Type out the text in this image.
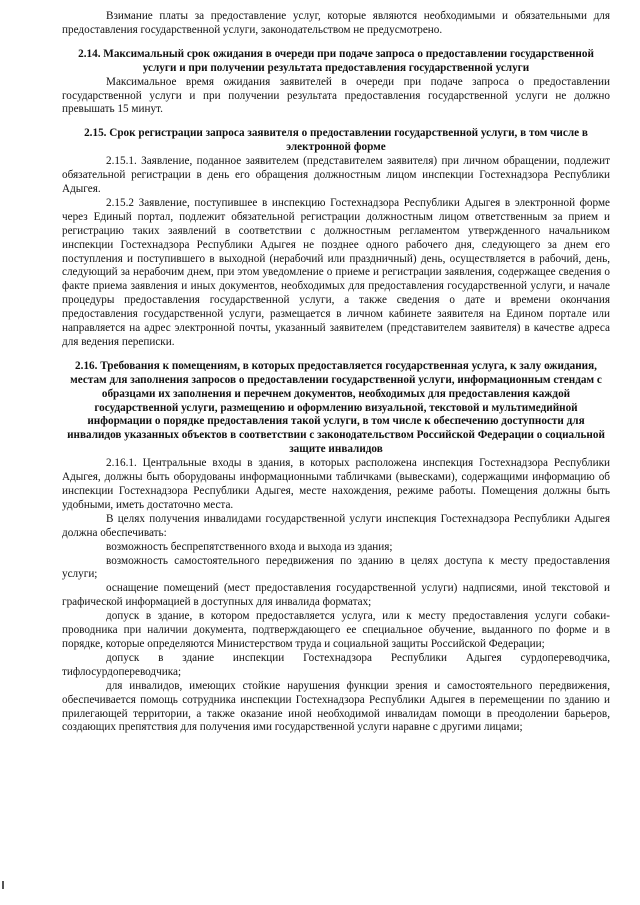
Взимание платы за предоставление услуг, которые являются необходимыми и обязательными для предоставления государственной услуги, законодательством не предусмотрено.

2.14. Максимальный срок ожидания в очереди при подаче запроса о предоставлении государственной услуги и при получении результата предоставления государственной услуги

Максимальное время ожидания заявителей в очереди при подаче запроса о предоставлении государственной услуги и при получении результата предоставления государственной услуги не должно превышать 15 минут.

2.15. Срок регистрации запроса заявителя о предоставлении государственной услуги, в том числе в электронной форме

2.15.1. Заявление, поданное заявителем (представителем заявителя) при личном обращении, подлежит обязательной регистрации в день его обращения должностным лицом инспекции Гостехнадзора Республики Адыгея.

2.15.2 Заявление, поступившее в инспекцию Гостехнадзора Республики Адыгея в электронной форме через Единый портал, подлежит обязательной регистрации должностным лицом ответственным за прием и регистрацию таких заявлений в соответствии с должностным регламентом утвержденного начальником инспекции Гостехнадзора Республики Адыгея не позднее одного рабочего дня, следующего за днем его поступления и поступившего в выходной (нерабочий или праздничный) день, осуществляется в рабочий, день, следующий за нерабочим днем, при этом уведомление о приеме и регистрации заявления, содержащее сведения о факте приема заявления и иных документов, необходимых для предоставления государственной услуги, и начале процедуры предоставления государственной услуги, а также сведения о дате и времени окончания предоставления государственной услуги, размещается в личном кабинете заявителя на Едином портале или направляется на адрес электронной почты, указанный заявителем (представителем заявителя) в качестве адреса для ведения переписки.

2.16. Требования к помещениям, в которых предоставляется государственная услуга, к залу ожидания, местам для заполнения запросов о предоставлении государственной услуги, информационным стендам с образцами их заполнения и перечнем документов, необходимых для предоставления каждой государственной услуги, размещению и оформлению визуальной, текстовой и мультимедийной информации о порядке предоставления такой услуги, в том числе к обеспечению доступности для инвалидов указанных объектов в соответствии с законодательством Российской Федерации о социальной защите инвалидов

2.16.1. Центральные входы в здания, в которых расположена инспекция Гостехнадзора Республики Адыгея, должны быть оборудованы информационными табличками (вывесками), содержащими информацию об инспекции Гостехнадзора Республики Адыгея, месте нахождения, режиме работы. Помещения должны быть удобными, иметь достаточно места.

В целях получения инвалидами государственной услуги инспекция Гостехнадзора Республики Адыгея должна обеспечивать:

возможность беспрепятственного входа и выхода из здания;

возможность самостоятельного передвижения по зданию в целях доступа к месту предоставления услуги;

оснащение помещений (мест предоставления государственной услуги) надписями, иной текстовой и графической информацией в доступных для инвалида форматах;

допуск в здание, в котором предоставляется услуга, или к месту предоставления услуги собаки-проводника при наличии документа, подтверждающего ее специальное обучение, выданного по форме и в порядке, которые определяются Министерством труда и социальной защиты Российской Федерации;

допуск в здание инспекции Гостехнадзора Республики Адыгея сурдопереводчика, тифлосурдопереводчика;

для инвалидов, имеющих стойкие нарушения функции зрения и самостоятельного передвижения, обеспечивается помощь сотрудника инспекции Гостехнадзора Республики Адыгея в перемещении по зданию и прилегающей территории, а также оказание иной необходимой инвалидам помощи в преодолении барьеров, создающих препятствия для получения ими государственной услуги наравне с другими лицами;
